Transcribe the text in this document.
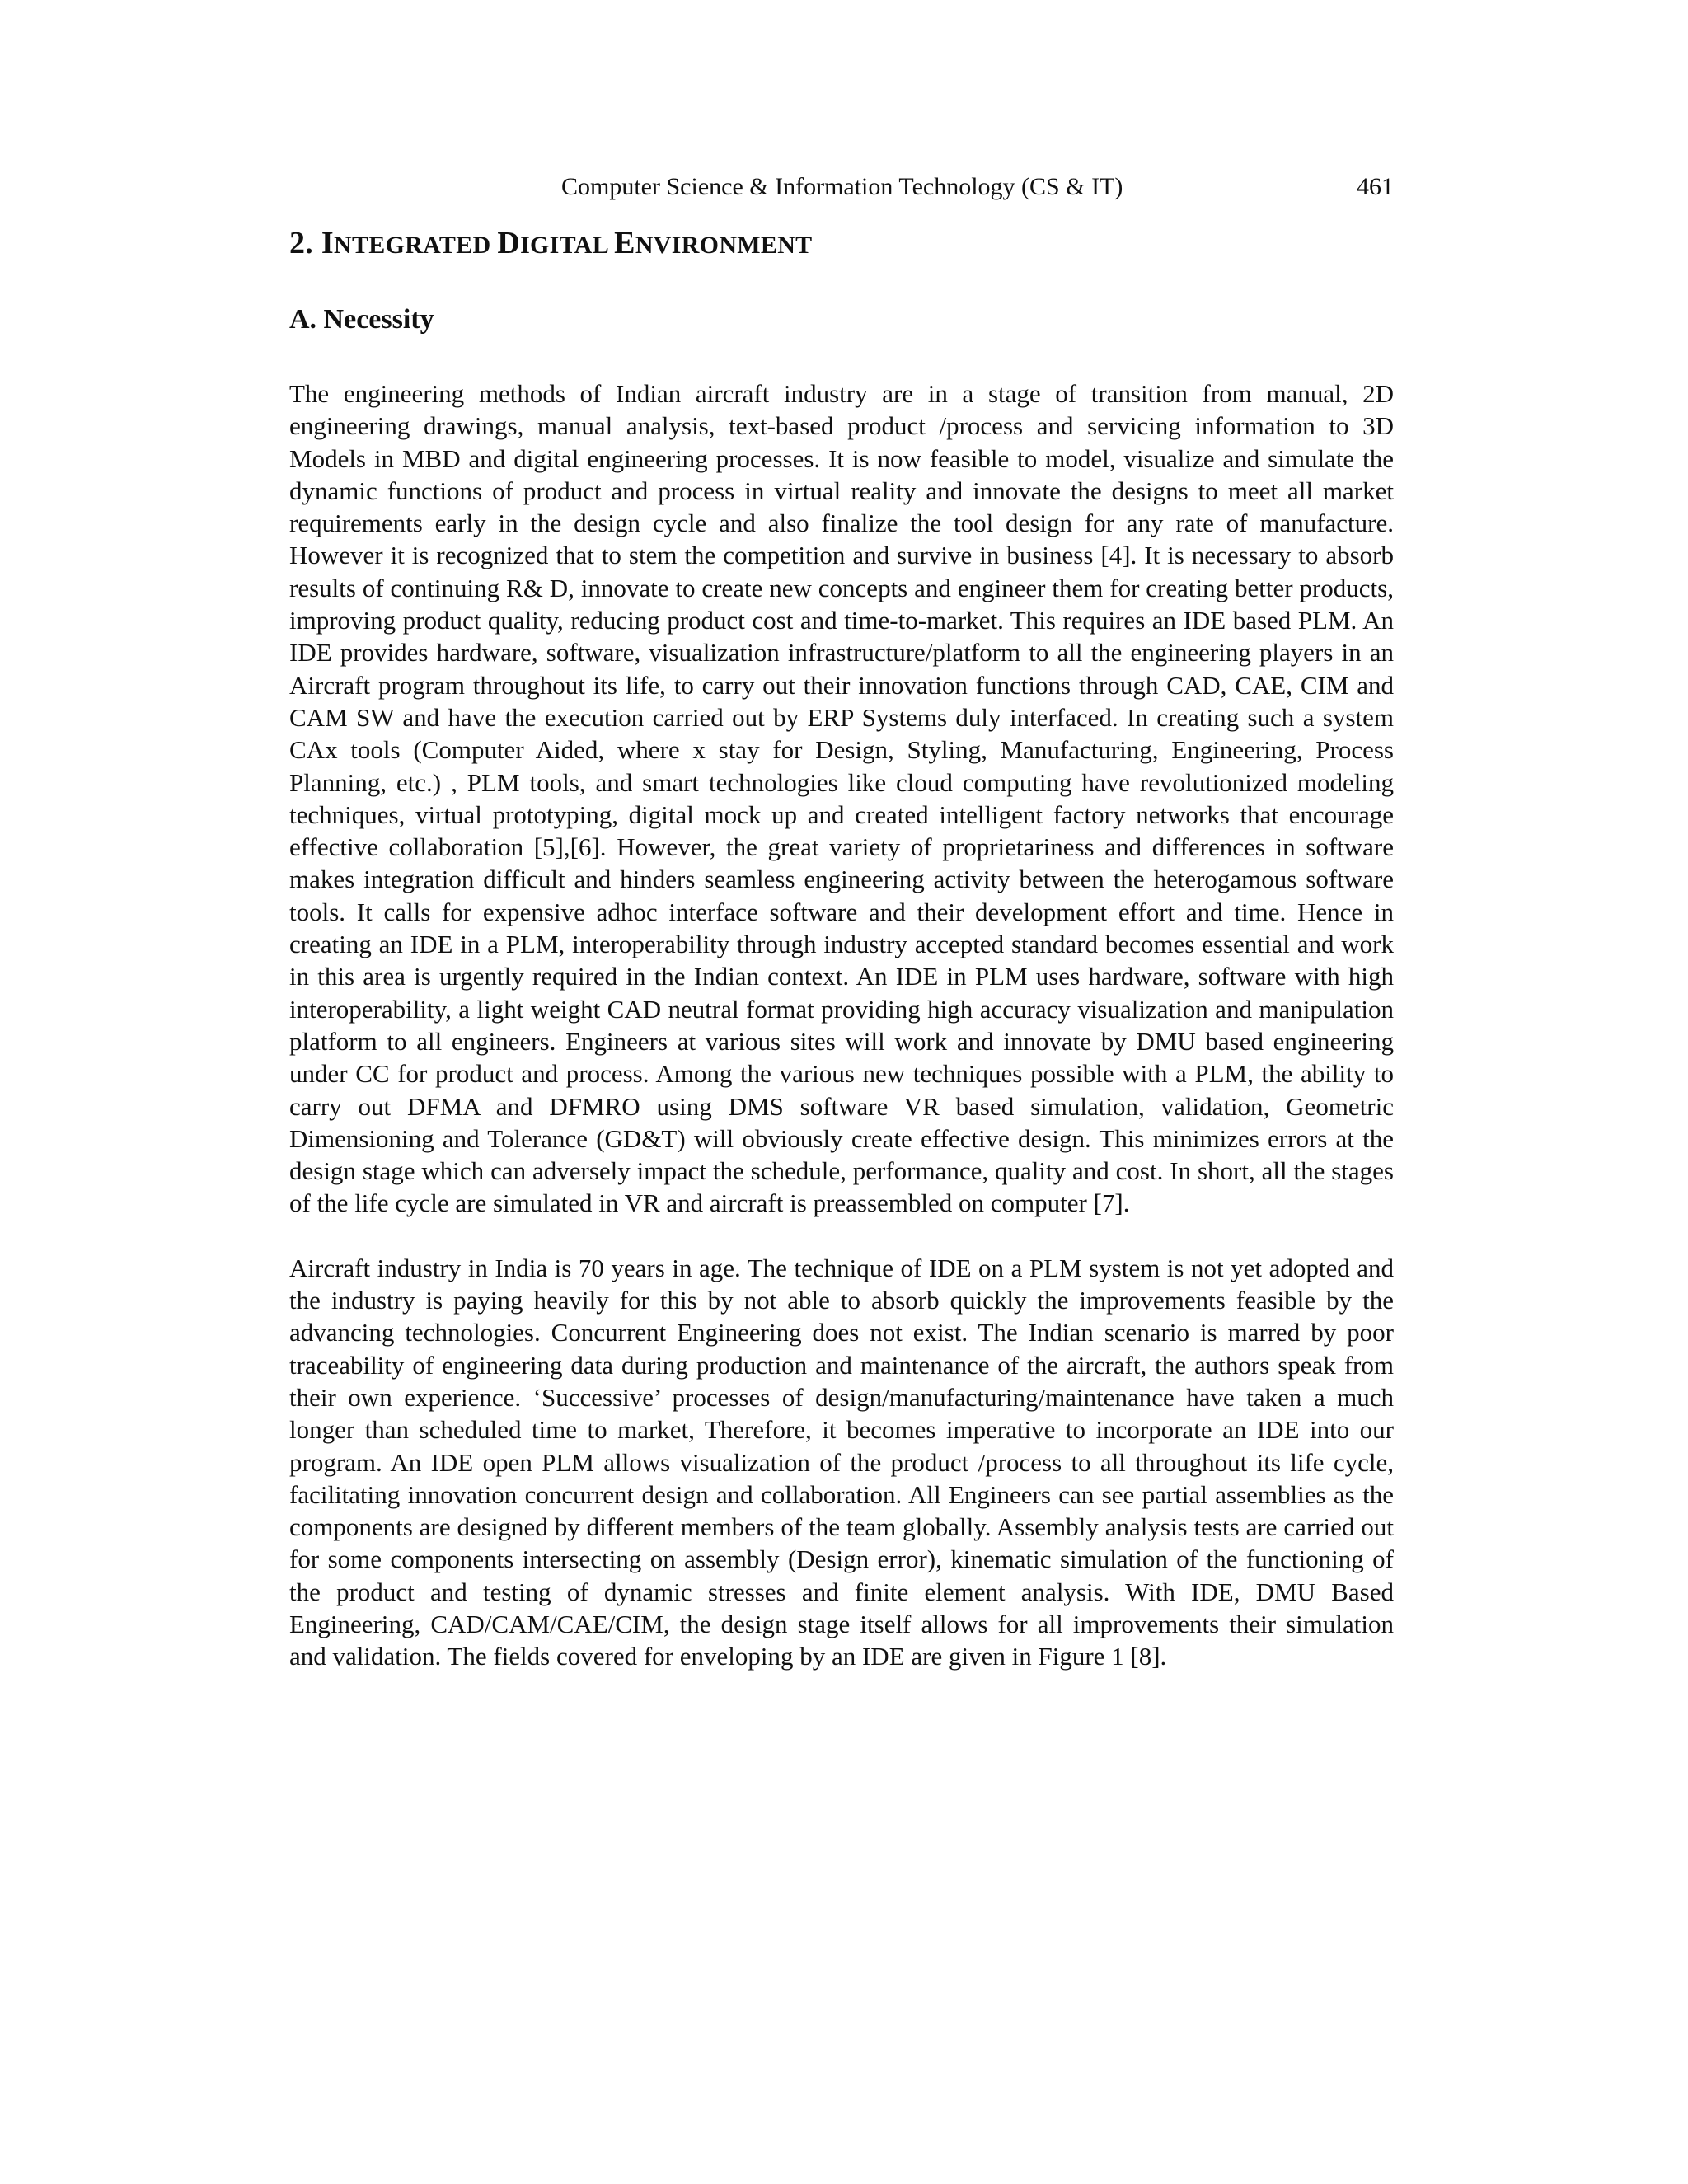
Computer Science & Information Technology (CS & IT)	461
2. INTEGRATED DIGITAL ENVIRONMENT
A. Necessity

The engineering methods of Indian aircraft industry are in a stage of transition from manual, 2D engineering drawings, manual analysis, text-based product /process and servicing information to 3D Models in MBD and digital engineering processes. It is now feasible to model, visualize and simulate the dynamic functions of product and process in virtual reality and innovate the designs to meet all market requirements early in the design cycle and also finalize the tool design for any rate of manufacture. However it is recognized that to stem the competition and survive in business [4]. It is necessary to absorb results of continuing R& D, innovate to create new concepts and engineer them for creating better products, improving product quality, reducing product cost and time-to-market. This requires an IDE based PLM. An IDE provides hardware, software, visualization infrastructure/platform to all the engineering players in an Aircraft program throughout its life, to carry out their innovation functions through CAD, CAE, CIM and CAM SW and have the execution carried out by ERP Systems duly interfaced. In creating such a system CAx tools (Computer Aided, where x stay for Design, Styling, Manufacturing, Engineering, Process Planning, etc.) , PLM tools, and smart technologies like cloud computing have revolutionized modeling techniques, virtual prototyping, digital mock up and created intelligent factory networks that encourage effective collaboration [5],[6]. However, the great variety of proprietariness and differences in software makes integration difficult and hinders seamless engineering activity between the heterogamous software tools. It calls for expensive adhoc interface software and their development effort and time. Hence in creating an IDE in a PLM, interoperability through industry accepted standard becomes essential and work in this area is urgently required in the Indian context. An IDE in PLM uses hardware, software with high interoperability, a light weight CAD neutral format providing high accuracy visualization and manipulation platform to all engineers. Engineers at various sites will work and innovate by DMU based engineering under CC for product and process. Among the various new techniques possible with a PLM, the ability to carry out DFMA and DFMRO using DMS software VR based simulation, validation, Geometric Dimensioning and Tolerance (GD&T) will obviously create effective design. This minimizes errors at the design stage which can adversely impact the schedule, performance, quality and cost. In short, all the stages of the life cycle are simulated in VR and aircraft is preassembled on computer [7].

Aircraft industry in India is 70 years in age. The technique of IDE on a PLM system is not yet adopted and the industry is paying heavily for this by not able to absorb quickly the improvements feasible by the advancing technologies. Concurrent Engineering does not exist. The Indian scenario is marred by poor traceability of engineering data during production and maintenance of the aircraft, the authors speak from their own experience. ‘Successive’ processes of design/manufacturing/maintenance have taken a much longer than scheduled time to market, Therefore, it becomes imperative to incorporate an IDE into our program. An IDE open PLM allows visualization of the product /process to all throughout its life cycle, facilitating innovation concurrent design and collaboration. All Engineers can see partial assemblies as the components are designed by different members of the team globally. Assembly analysis tests are carried out for some components intersecting on assembly (Design error), kinematic simulation of the functioning of the product and testing of dynamic stresses and finite element analysis. With IDE, DMU Based Engineering, CAD/CAM/CAE/CIM, the design stage itself allows for all improvements their simulation and validation. The fields covered for enveloping by an IDE are given in Figure 1 [8].
